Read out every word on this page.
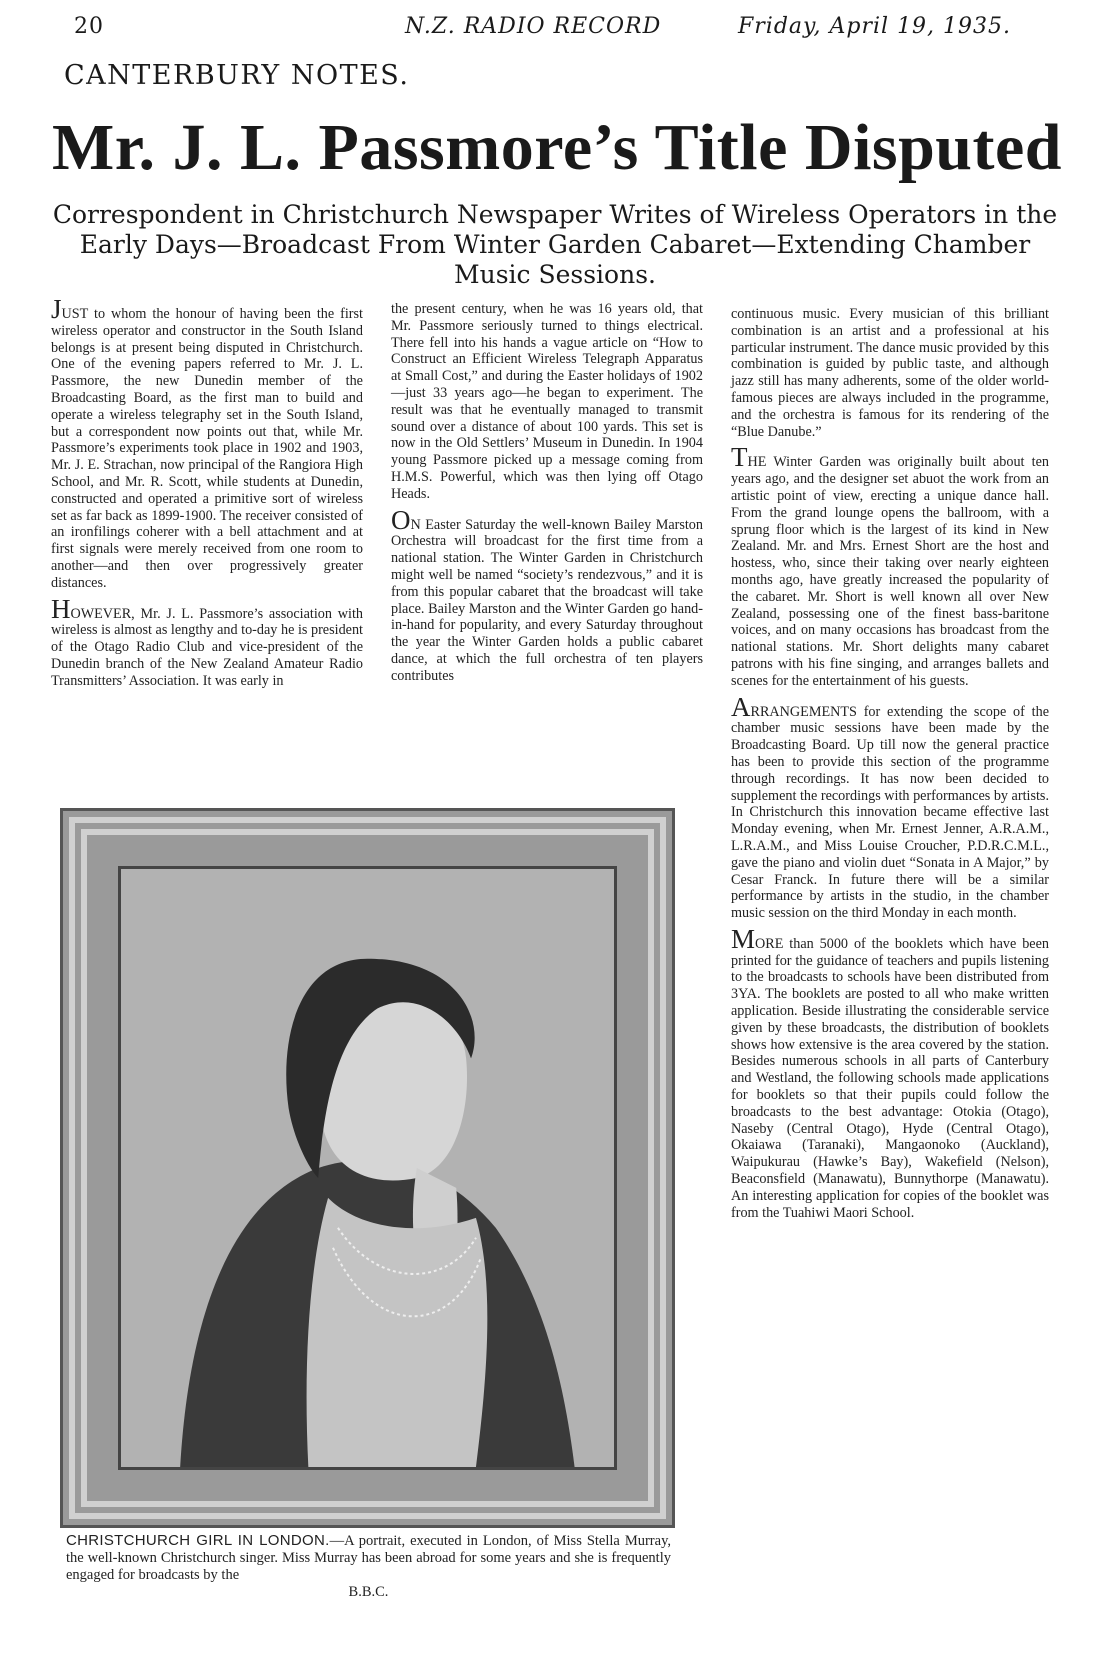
20	N.Z. RADIO RECORD	Friday, April 19, 1935.
CANTERBURY NOTES.
Mr. J. L. Passmore’s Title Disputed
Correspondent in Christchurch Newspaper Writes of Wireless Operators in the Early Days—Broadcast From Winter Garden Cabaret—Extending Chamber Music Sessions.

JUST to whom the honour of having been the first wireless operator and constructor in the South Island belongs is at present being disputed in Christchurch. One of the evening papers referred to Mr. J. L. Passmore, the new Dunedin member of the Broadcasting Board, as the first man to build and operate a wireless telegraphy set in the South Island, but a correspondent now points out that, while Mr. Passmore’s experiments took place in 1902 and 1903, Mr. J. E. Strachan, now principal of the Rangiora High School, and Mr. R. Scott, while students at Dunedin, constructed and operated a primitive sort of wireless set as far back as 1899-1900. The receiver consisted of an ironfilings coherer with a bell attachment and at first signals were merely received from one room to another—and then over progressively greater distances.

HOWEVER, Mr. J. L. Passmore’s association with wireless is almost as lengthy and to-day he is president of the Otago Radio Club and vice-president of the Dunedin branch of the New Zealand Amateur Radio Transmitters’ Association. It was early in

the present century, when he was 16 years old, that Mr. Passmore seriously turned to things electrical. There fell into his hands a vague article on “How to Construct an Efficient Wireless Telegraph Apparatus at Small Cost,” and during the Easter holidays of 1902—just 33 years ago—he began to experiment. The result was that he eventually managed to transmit sound over a distance of about 100 yards. This set is now in the Old Settlers’ Museum in Dunedin. In 1904 young Passmore picked up a message coming from H.M.S. Powerful, which was then lying off Otago Heads.

ON Easter Saturday the well-known Bailey Marston Orchestra will broadcast for the first time from a national station. The Winter Garden in Christchurch might well be named “society’s rendezvous,” and it is from this popular cabaret that the broadcast will take place. Bailey Marston and the Winter Garden go hand-in-hand for popularity, and every Saturday throughout the year the Winter Garden holds a public cabaret dance, at which the full orchestra of ten players contributes

continuous music. Every musician of this brilliant combination is an artist and a professional at his particular instrument. The dance music provided by this combination is guided by public taste, and although jazz still has many adherents, some of the older world-famous pieces are always included in the programme, and the orchestra is famous for its rendering of the “Blue Danube.”

THE Winter Garden was originally built about ten years ago, and the designer set abuot the work from an artistic point of view, erecting a unique dance hall. From the grand lounge opens the ballroom, with a sprung floor which is the largest of its kind in New Zealand. Mr. and Mrs. Ernest Short are the host and hostess, who, since their taking over nearly eighteen months ago, have greatly increased the popularity of the cabaret. Mr. Short is well known all over New Zealand, possessing one of the finest bass-baritone voices, and on many occasions has broadcast from the national stations. Mr. Short delights many cabaret patrons with his fine singing, and arranges ballets and scenes for the entertainment of his guests.

ARRANGEMENTS for extending the scope of the chamber music sessions have been made by the Broadcasting Board. Up till now the general practice has been to provide this section of the programme through recordings. It has now been decided to supplement the recordings with performances by artists. In Christchurch this innovation became effective last Monday evening, when Mr. Ernest Jenner, A.R.A.M., L.R.A.M., and Miss Louise Croucher, P.D.R.C.M.L., gave the piano and violin duet “Sonata in A Major,” by Cesar Franck. In future there will be a similar performance by artists in the studio, in the chamber music session on the third Monday in each month.

MORE than 5000 of the booklets which have been printed for the guidance of teachers and pupils listening to the broadcasts to schools have been distributed from 3YA. The booklets are posted to all who make written application. Beside illustrating the considerable service given by these broadcasts, the distribution of booklets shows how extensive is the area covered by the station. Besides numerous schools in all parts of Canterbury and Westland, the following schools made applications for booklets so that their pupils could follow the broadcasts to the best advantage: Otokia (Otago), Naseby (Central Otago), Hyde (Central Otago), Okaiawa (Taranaki), Mangaonoko (Auckland), Waipukurau (Hawke’s Bay), Wakefield (Nelson), Beaconsfield (Manawatu), Bunnythorpe (Manawatu). An interesting application for copies of the booklet was from the Tuahiwi Maori School.

CHRISTCHURCH GIRL IN LONDON.—A portrait, executed in London, of Miss Stella Murray, the well-known Christchurch singer. Miss Murray has been abroad for some years and she is frequently engaged for broadcasts by the
B.B.C.
